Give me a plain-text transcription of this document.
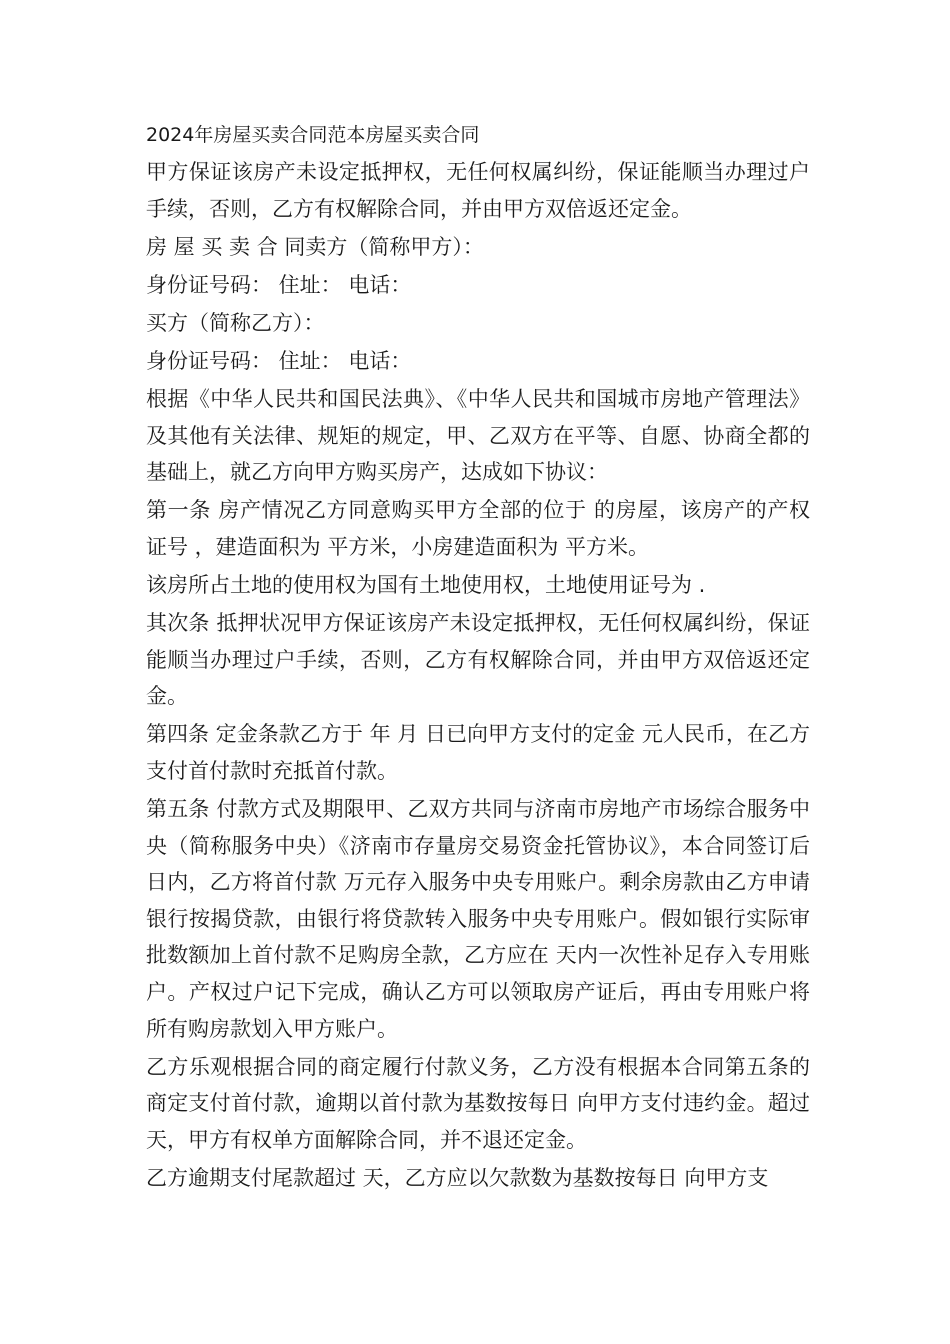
2024年房屋买卖合同范本房屋买卖合同
甲方保证该房产未设定抵押权，无任何权属纠纷，保证能顺当办理过户手续，否则，乙方有权解除合同，并由甲方双倍返还定金。
房 屋 买 卖 合 同卖方（简称甲方）：
身份证号码： 住址： 电话：
买方（简称乙方）：
身份证号码： 住址： 电话：
根据《中华人民共和国民法典》、《中华人民共和国城市房地产管理法》及其他有关法律、规矩的规定，甲、乙双方在平等、自愿、协商全都的基础上，就乙方向甲方购买房产，达成如下协议：
第一条 房产情况乙方同意购买甲方全部的位于 的房屋，该房产的产权证号 ，建造面积为 平方米，小房建造面积为 平方米。
该房所占土地的使用权为国有土地使用权，土地使用证号为 .
其次条 抵押状况甲方保证该房产未设定抵押权，无任何权属纠纷，保证能顺当办理过户手续，否则，乙方有权解除合同，并由甲方双倍返还定金。
第四条 定金条款乙方于 年 月 日已向甲方支付的定金 元人民币，在乙方支付首付款时充抵首付款。
第五条 付款方式及期限甲、乙双方共同与济南市房地产市场综合服务中央（简称服务中央）《济南市存量房交易资金托管协议》，本合同签订后 日内，乙方将首付款 万元存入服务中央专用账户。剩余房款由乙方申请银行按揭贷款，由银行将贷款转入服务中央专用账户。假如银行实际审批数额加上首付款不足购房全款，乙方应在 天内一次性补足存入专用账户。产权过户记下完成，确认乙方可以领取房产证后，再由专用账户将所有购房款划入甲方账户。
乙方乐观根据合同的商定履行付款义务，乙方没有根据本合同第五条的商定支付首付款，逾期以首付款为基数按每日 向甲方支付违约金。超过 天，甲方有权单方面解除合同，并不退还定金。
乙方逾期支付尾款超过 天，乙方应以欠款数为基数按每日 向甲方支
